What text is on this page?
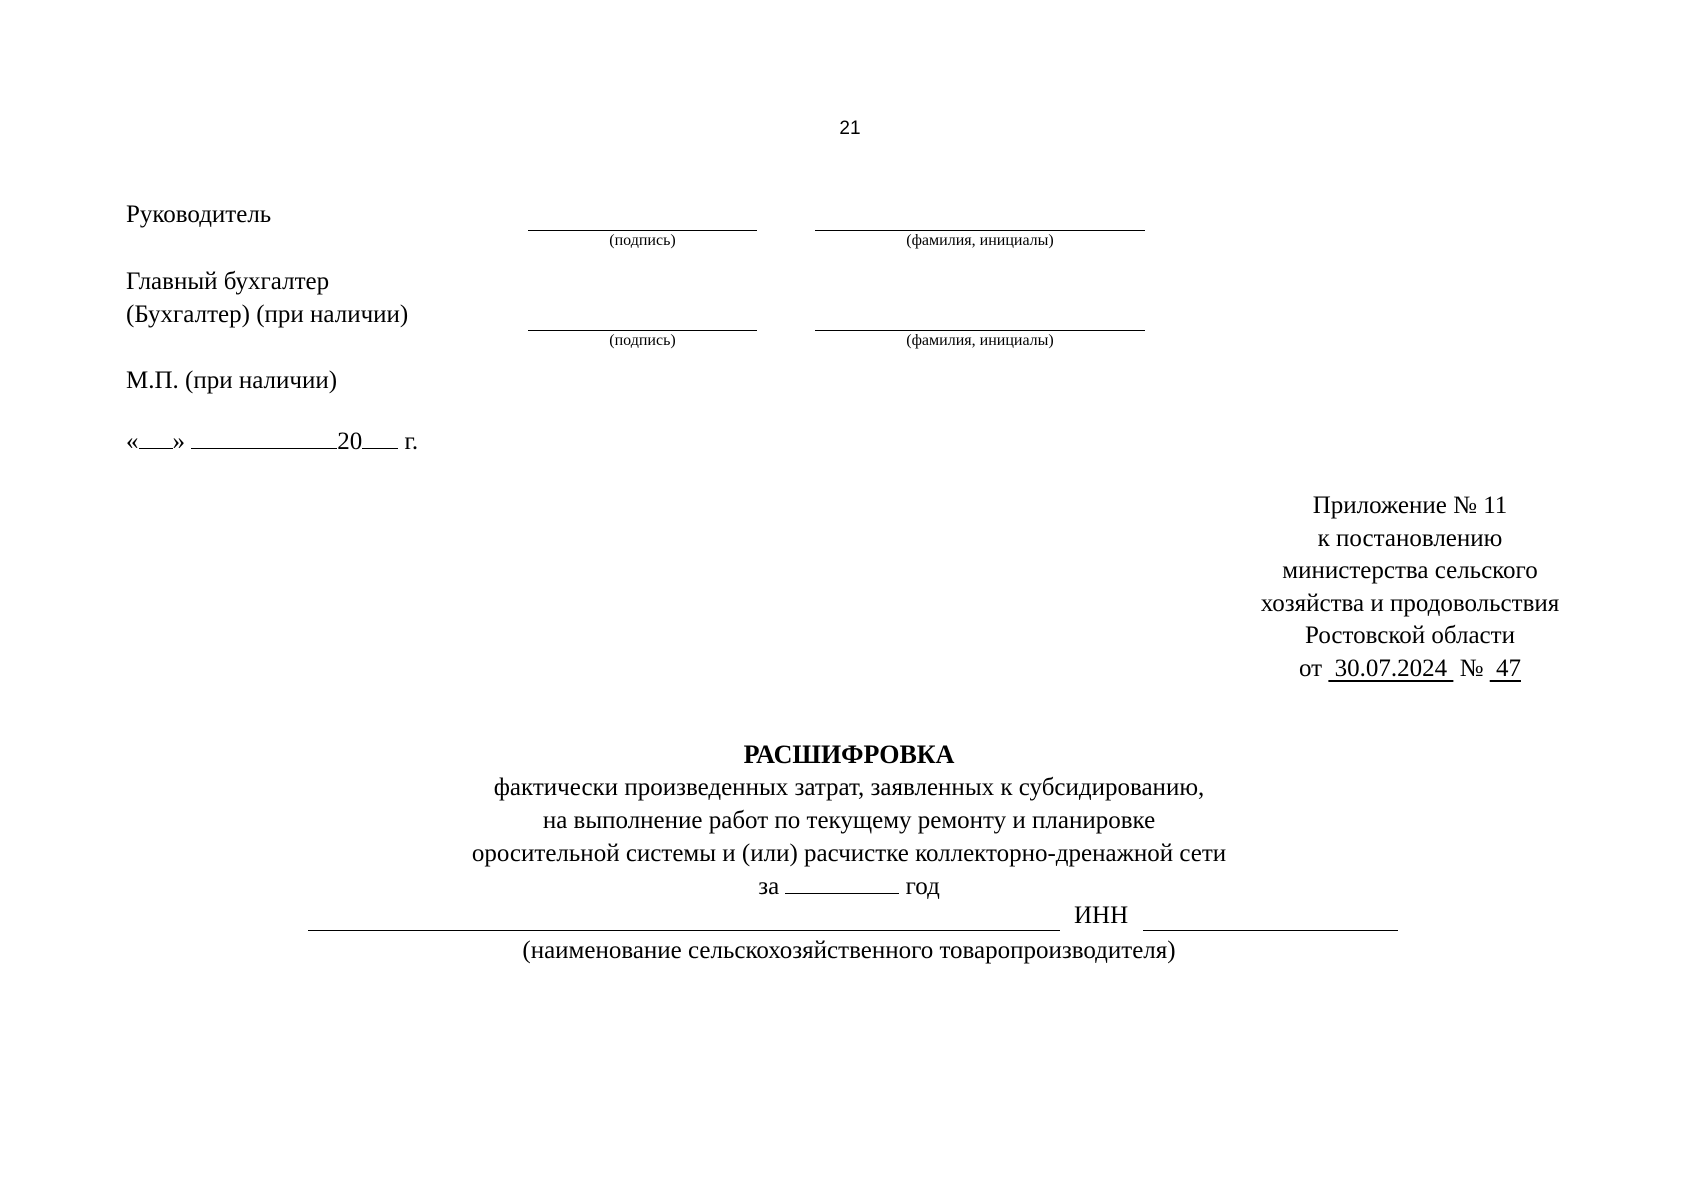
21
Руководитель
(подпись)	(фамилия, инициалы)
Главный бухгалтер
(Бухгалтер) (при наличии)
(подпись)	(фамилия, инициалы)
М.П. (при наличии)
« »	20 г.
Приложение № 11
к постановлению
министерства сельского
хозяйства и продовольствия
Ростовской области
от  30.07.2024  №  47
РАСШИФРОВКА
фактически произведенных затрат, заявленных к субсидированию,
на выполнение работ по текущему ремонту и планировке
оросительной системы и (или) расчистке коллекторно-дренажной сети
за	год
ИНН
(наименование сельскохозяйственного товаропроизводителя)
